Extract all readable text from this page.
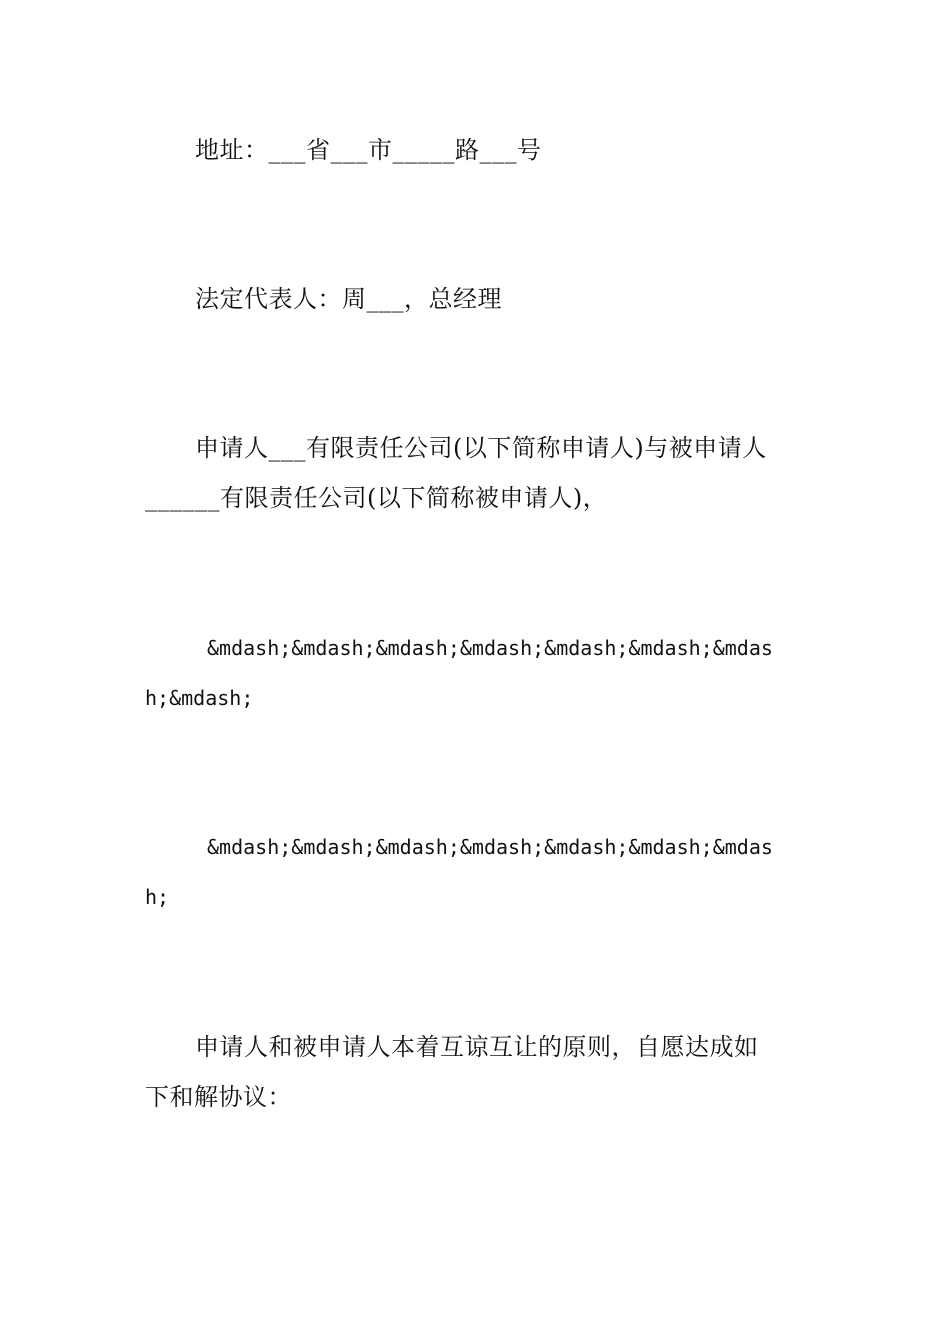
地址：___省___市_____路___号
法定代表人：周___，总经理
申请人___有限责任公司(以下简称申请人)与被申请人
______有限责任公司(以下简称被申请人)，
&mdash;&mdash;&mdash;&mdash;&mdash;&mdash;&mdas
h;&mdash;
&mdash;&mdash;&mdash;&mdash;&mdash;&mdash;&mdas
h;
申请人和被申请人本着互谅互让的原则，自愿达成如
下和解协议：
